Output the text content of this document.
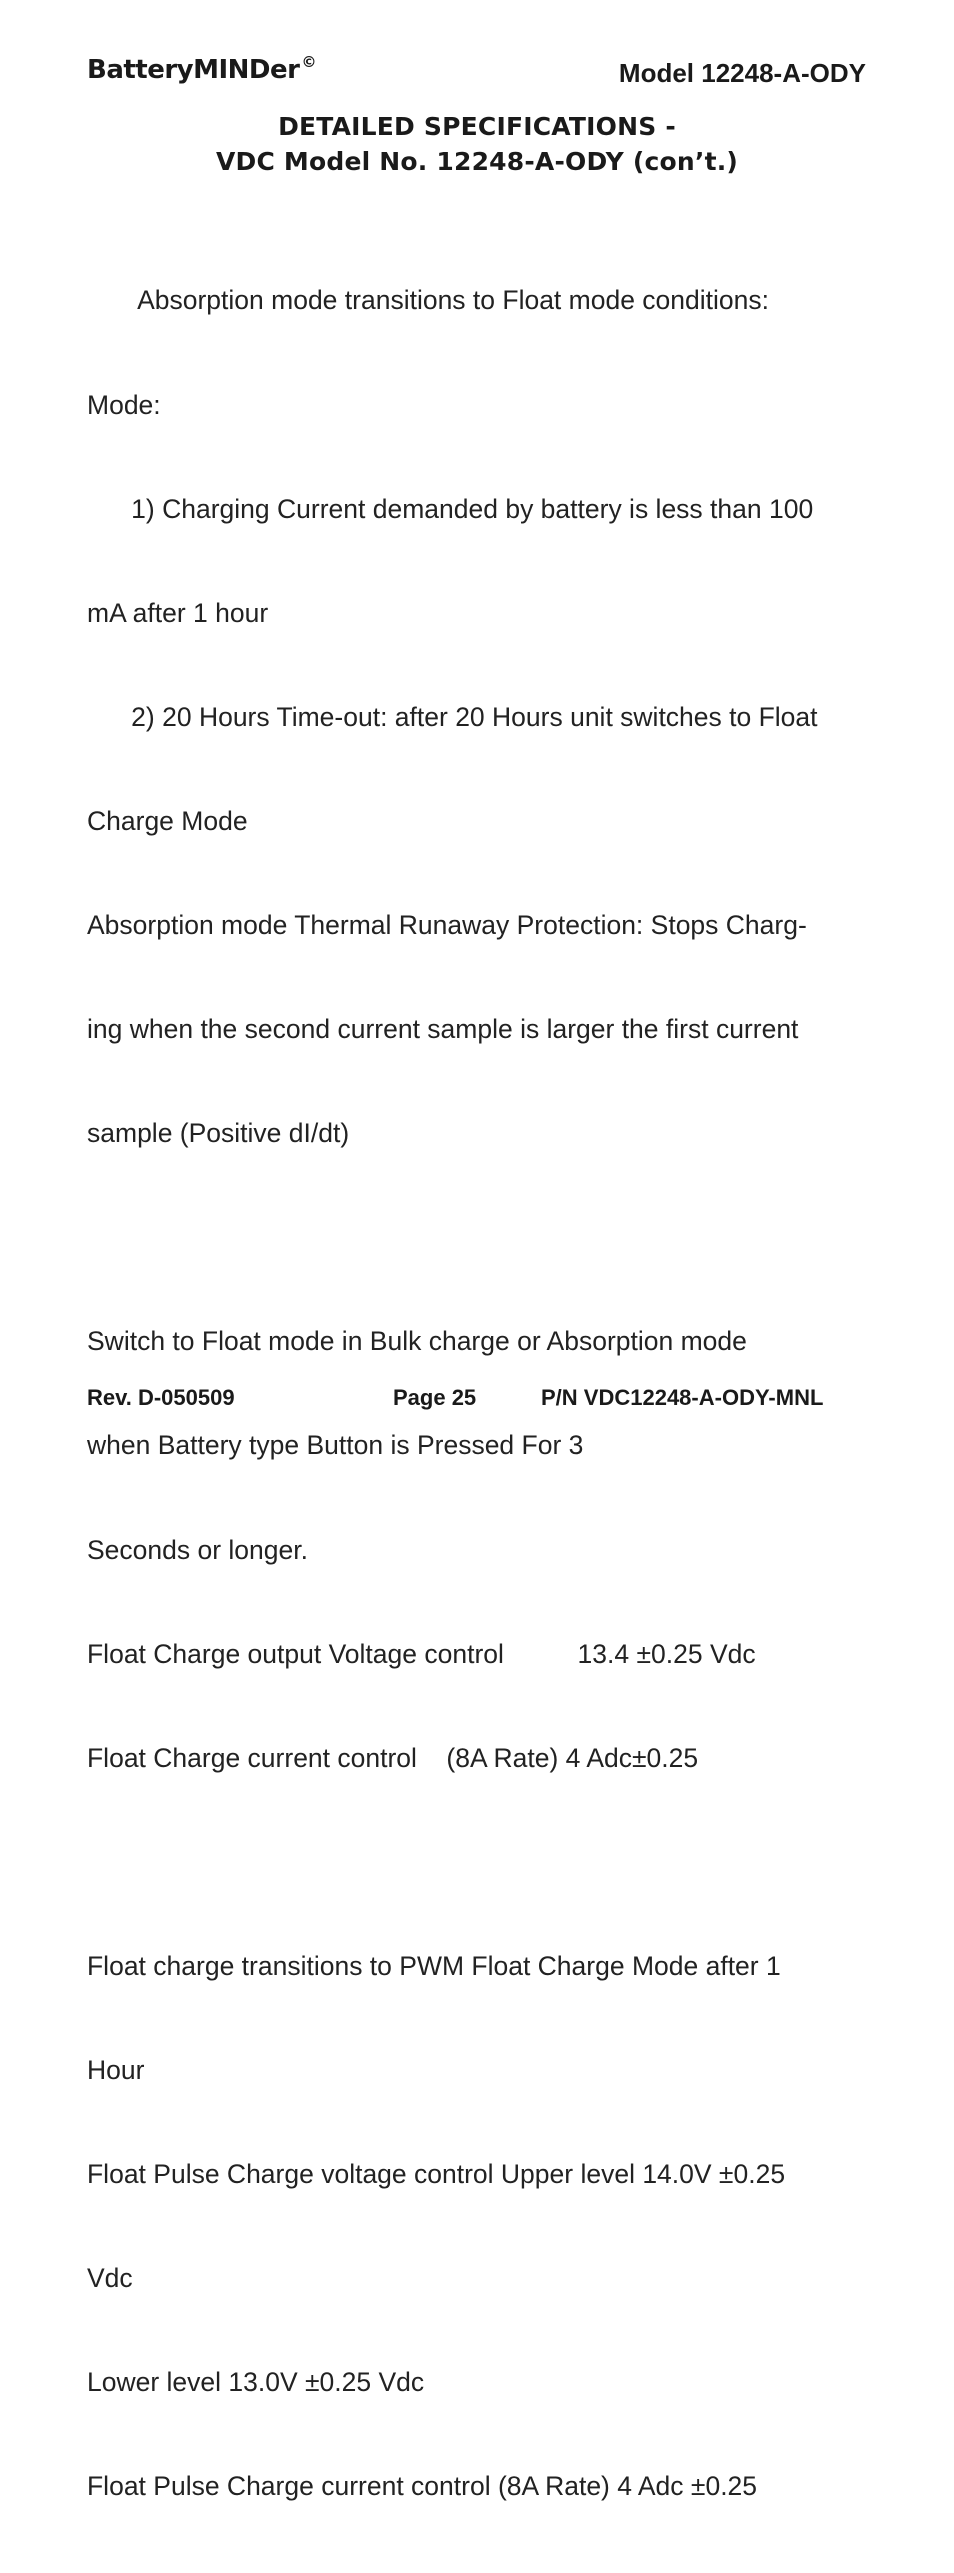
BatteryMINDer ©	Model 12248-A-ODY
DETAILED SPECIFICATIONS -
VDC Model No. 12248-A-ODY (con’t.)

Absorption mode transitions to Float mode conditions:

Mode:

1) Charging Current demanded by battery is less than 100

mA after 1 hour

2) 20 Hours Time-out: after 20 Hours unit switches to Float

Charge Mode

Absorption mode Thermal Runaway Protection: Stops Charg-

ing when the second current sample is larger the first current

sample (Positive dI/dt)

Switch to Float mode in Bulk charge or Absorption mode

when Battery type Button is Pressed For 3

Seconds or longer.

Float Charge output Voltage control          13.4 ±0.25 Vdc

Float Charge current control    (8A Rate) 4 Adc±0.25

Float charge transitions to PWM Float Charge Mode after 1

Hour

Float Pulse Charge voltage control Upper level 14.0V ±0.25

Vdc

Lower level 13.0V ±0.25 Vdc

Float Pulse Charge current control (8A Rate) 4 Adc ±0.25

Rev. D-050509	Page 25	P/N VDC12248-A-ODY-MNL
